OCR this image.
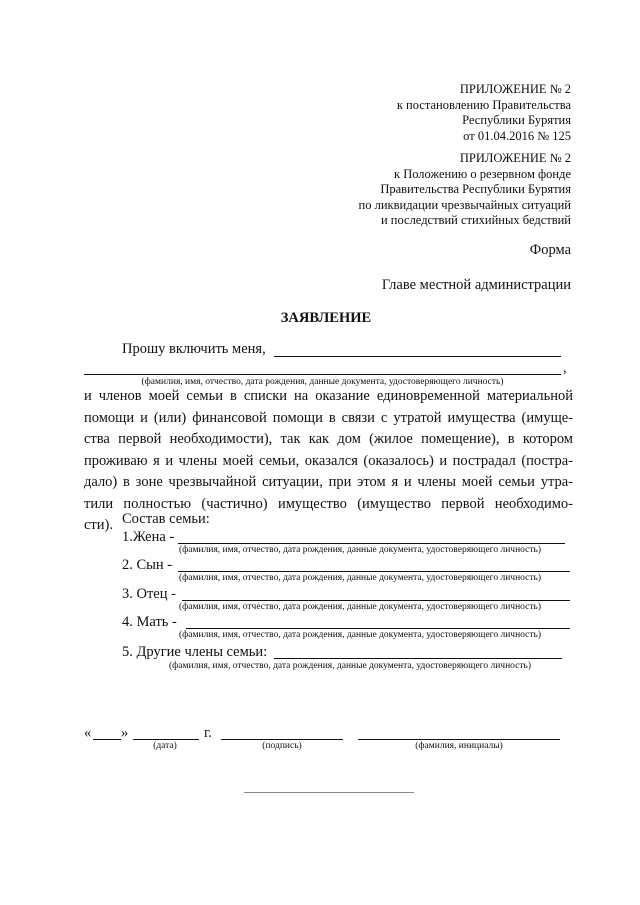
ПРИЛОЖЕНИЕ № 2
к постановлению Правительства
Республики Бурятия
от 01.04.2016 № 125
ПРИЛОЖЕНИЕ № 2
к Положению о резервном фонде
Правительства Республики Бурятия
по ликвидации чрезвычайных ситуаций
и последствий стихийных бедствий
Форма
Главе местной администрации
ЗАЯВЛЕНИЕ
Прошу включить меня,
,
(фамилия, имя, отчество, дата рождения, данные документа, удостоверяющего личность)
и членов моей семьи в списки на оказание единовременной материальной
помощи и (или) финансовой помощи в связи с утратой имущества (имуще-
ства первой необходимости), так как дом (жилое помещение), в котором
проживаю я и члены моей семьи, оказался (оказалось) и пострадал (постра-
дало) в зоне чрезвычайной ситуации, при этом я и члены моей семьи утра-
тили полностью (частично) имущество (имущество первой необходимо-
сти). Состав семьи:
1.Жена -
(фамилия, имя, отчество, дата рождения, данные документа, удостоверяющего личность)
2. Сын -
(фамилия, имя, отчество, дата рождения, данные документа, удостоверяющего личность)
3. Отец -
(фамилия, имя, отчество, дата рождения, данные документа, удостоверяющего личность)
4. Мать -
(фамилия, имя, отчество, дата рождения, данные документа, удостоверяющего личность)
5. Другие члены семьи:
(фамилия, имя, отчество, дата рождения, данные документа, удостоверяющего личность)
« »	г.
(дата)	(подпись)	(фамилия, инициалы)
